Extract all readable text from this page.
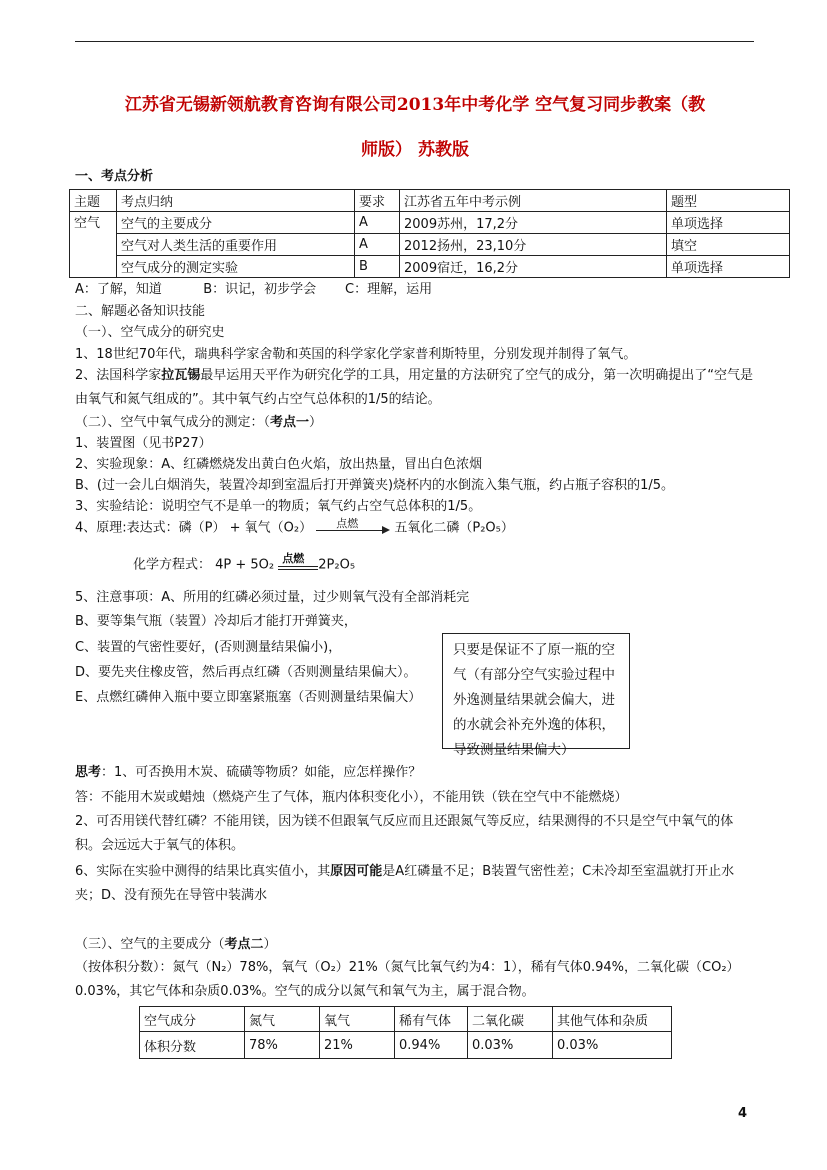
江苏省无锡新领航教育咨询有限公司2013年中考化学 空气复习同步教案（教
师版） 苏教版
一、考点分析
主题	考点归纳	要求	江苏省五年中考示例	题型
空气	空气的主要成分	A	2009苏州，17,2分	单项选择
	空气对人类生活的重要作用	A	2012扬州，23,10分	填空
	空气成分的测定实验	B	2009宿迁，16,2分	单项选择
A：了解，知道          B：识记，初步学会       C：理解，运用
二、解题必备知识技能
（一）、空气成分的研究史
1、18世纪70年代，瑞典科学家舍勒和英国的科学家化学家普利斯特里，分别发现并制得了氧气。
2、法国科学家拉瓦锡最早运用天平作为研究化学的工具，用定量的方法研究了空气的成分，第一次明确提出了“空气是由氧气和氮气组成的”。其中氧气约占空气总体积的1/5的结论。
（二）、空气中氧气成分的测定：（考点一）
1、装置图（见书P27）
2、实验现象：A、红磷燃烧发出黄白色火焰，放出热量，冒出白色浓烟
B、(过一会儿白烟消失，装置冷却到室温后打开弹簧夹)烧杯内的水倒流入集气瓶，约占瓶子容积的1/5。
3、实验结论：说明空气不是单一的物质；氧气约占空气总体积的1/5。
4、原理:表达式：磷（P） + 氧气（O₂） 点燃	五氧化二磷（P₂O₅）
化学方程式： 4P + 5O₂ 点燃 2P₂O₅
5、注意事项：A、所用的红磷必须过量，过少则氧气没有全部消耗完
B、要等集气瓶（装置）冷却后才能打开弹簧夹，
C、装置的气密性要好，(否则测量结果偏小)，
D、要先夹住橡皮管，然后再点红磷（否则测量结果偏大）。
E、点燃红磷伸入瓶中要立即塞紧瓶塞（否则测量结果偏大）
只要是保证不了原一瓶的空气（有部分空气实验过程中外逸测量结果就会偏大，进的水就会补充外逸的体积，导致测量结果偏大）
思考：1、可否换用木炭、硫磺等物质？如能，应怎样操作？
答：不能用木炭或蜡烛（燃烧产生了气体，瓶内体积变化小），不能用铁（铁在空气中不能燃烧）
2、可否用镁代替红磷？不能用镁，因为镁不但跟氧气反应而且还跟氮气等反应，结果测得的不只是空气中氧气的体积。会远远大于氧气的体积。
6、实际在实验中测得的结果比真实值小，其原因可能是A红磷量不足；B装置气密性差；C未冷却至室温就打开止水夹；D、没有预先在导管中装满水
（三）、空气的主要成分（考点二）
（按体积分数）：氮气（N₂）78%，氧气（O₂）21%（氮气比氧气约为4：1），稀有气体0.94%，二氧化碳（CO₂）0.03%，其它气体和杂质0.03%。空气的成分以氮气和氧气为主，属于混合物。
空气成分	氮气	氧气	稀有气体	二氧化碳	其他气体和杂质
体积分数	78%	21%	0.94%	0.03%	0.03%
4
